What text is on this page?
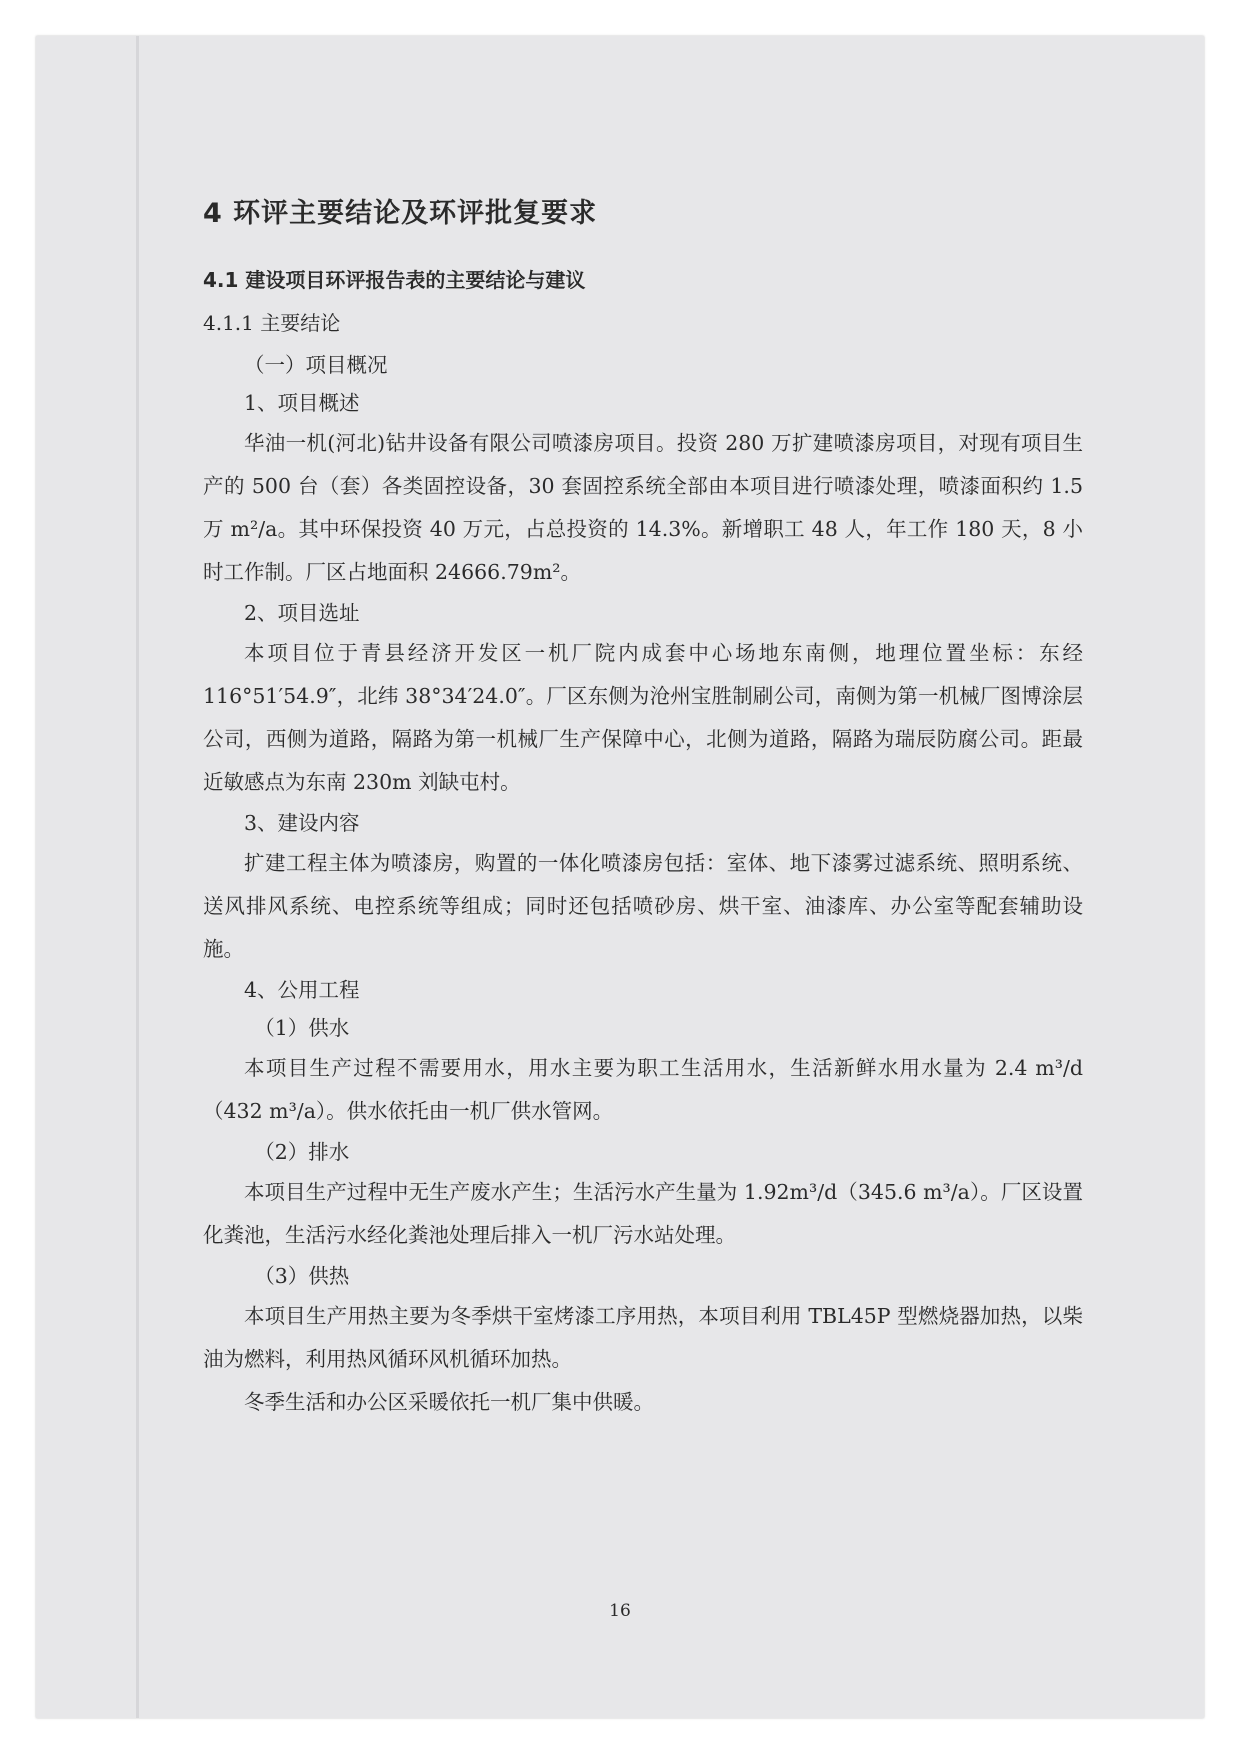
4 环评主要结论及环评批复要求
4.1 建设项目环评报告表的主要结论与建议
4.1.1 主要结论

（一）项目概况

1、项目概述

华油一机(河北)钻井设备有限公司喷漆房项目。投资 280 万扩建喷漆房项目，对现有项目生产的 500 台（套）各类固控设备，30 套固控系统全部由本项目进行喷漆处理，喷漆面积约 1.5 万 m²/a。其中环保投资 40 万元，占总投资的 14.3%。新增职工 48 人，年工作 180 天，8 小时工作制。厂区占地面积 24666.79m²。

2、项目选址

本项目位于青县经济开发区一机厂院内成套中心场地东南侧，地理位置坐标：东经 116°51′54.9″，北纬 38°34′24.0″。厂区东侧为沧州宝胜制刷公司，南侧为第一机械厂图博涂层公司，西侧为道路，隔路为第一机械厂生产保障中心，北侧为道路，隔路为瑞辰防腐公司。距最近敏感点为东南 230m 刘缺屯村。

3、建设内容

扩建工程主体为喷漆房，购置的一体化喷漆房包括：室体、地下漆雾过滤系统、照明系统、送风排风系统、电控系统等组成；同时还包括喷砂房、烘干室、油漆库、办公室等配套辅助设施。

4、公用工程

（1）供水

本项目生产过程不需要用水，用水主要为职工生活用水，生活新鲜水用水量为 2.4 m³/d（432 m³/a）。供水依托由一机厂供水管网。

（2）排水

本项目生产过程中无生产废水产生；生活污水产生量为 1.92m³/d（345.6 m³/a）。厂区设置化粪池，生活污水经化粪池处理后排入一机厂污水站处理。

（3）供热

本项目生产用热主要为冬季烘干室烤漆工序用热，本项目利用 TBL45P 型燃烧器加热，以柴油为燃料，利用热风循环风机循环加热。

冬季生活和办公区采暖依托一机厂集中供暖。

16
